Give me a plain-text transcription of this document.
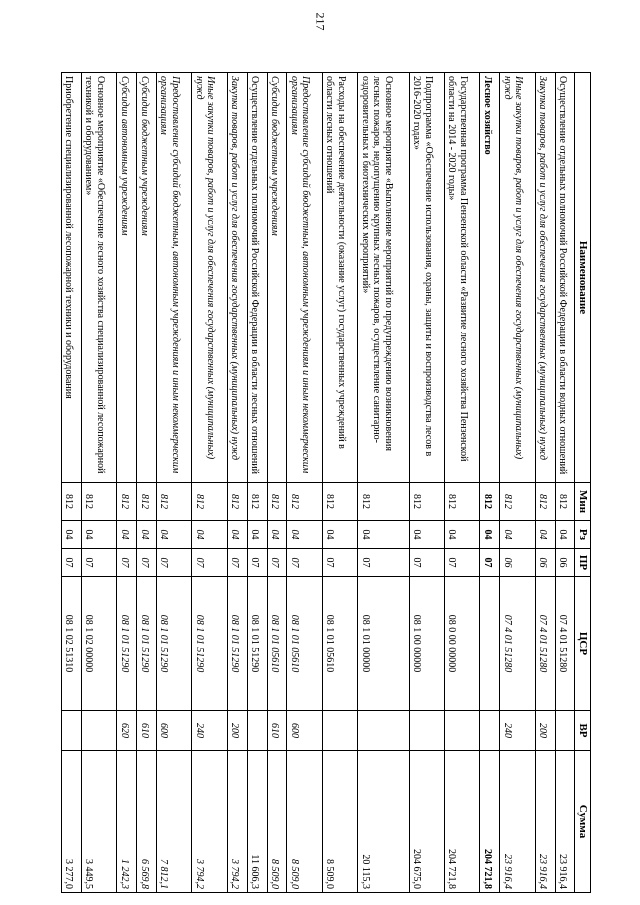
217
Наименование	Мин	Рз	ПР	ЦСР	ВР	Сумма
Осуществление отдельных полномочий Российской Федерации в области водных отношений	812	04	06	07 4 01 51280		23 916,4
Закупка товаров, работ и услуг для обеспечения государственных (муниципальных) нужд	812	04	06	07 4 01 51280	200	23 916,4
Иные закупки товаров, работ и услуг для обеспечения государственных (муниципальных) нужд	812	04	06	07 4 01 51280	240	23 916,4
Лесное хозяйство	812	04	07			204 721,8
Государственная программа Пензенской области «Развитие лесного хозяйства Пензенской области на 2014 - 2020 годы»	812	04	07	08 0 00 00000		204 721,8
Подпрограмма «Обеспечение использования, охраны, защиты и воспроизводства лесов в 2016-2020 годах»	812	04	07	08 1 00 00000		204 675,0
Основное мероприятие «Выполнение мероприятий по предупреждению возникновения лесных пожаров, недопущению крупных лесных пожаров, осуществление санитарно-оздоровительных и биотехнических мероприятий»	812	04	07	08 1 01 00000		20 115,3
Расходы на обеспечение деятельности (оказание услуг) государственных учреждений в области лесных отношений	812	04	07	08 1 01 05610		8 509,0
Предоставление субсидий бюджетным, автономным учреждениям и иным некоммерческим организациям	812	04	07	08 1 01 05610	600	8 509,0
Субсидии бюджетным учреждениям	812	04	07	08 1 01 05610	610	8 509,0
Осуществление отдельных полномочий Российской Федерации в области лесных отношений	812	04	07	08 1 01 51290		11 606,3
Закупка товаров, работ и услуг для обеспечения государственных (муниципальных) нужд	812	04	07	08 1 01 51290	200	3 794,2
Иные закупки товаров, работ и услуг для обеспечения государственных (муниципальных) нужд	812	04	07	08 1 01 51290	240	3 794,2
Предоставление субсидий бюджетным, автономным учреждениям и иным некоммерческим организациям	812	04	07	08 1 01 51290	600	7 812,1
Субсидии бюджетным учреждениям	812	04	07	08 1 01 51290	610	6 569,8
Субсидии автономным учреждениям	812	04	07	08 1 01 51290	620	1 242,3
Основное мероприятие «Обеспечение лесного хозяйства специализированной лесопожарной техникой и оборудованием»	812	04	07	08 1 02 00000		3 449,5
Приобретение специализированной лесопожарной техники и оборудования	812	04	07	08 1 02 51310		3 277,0
